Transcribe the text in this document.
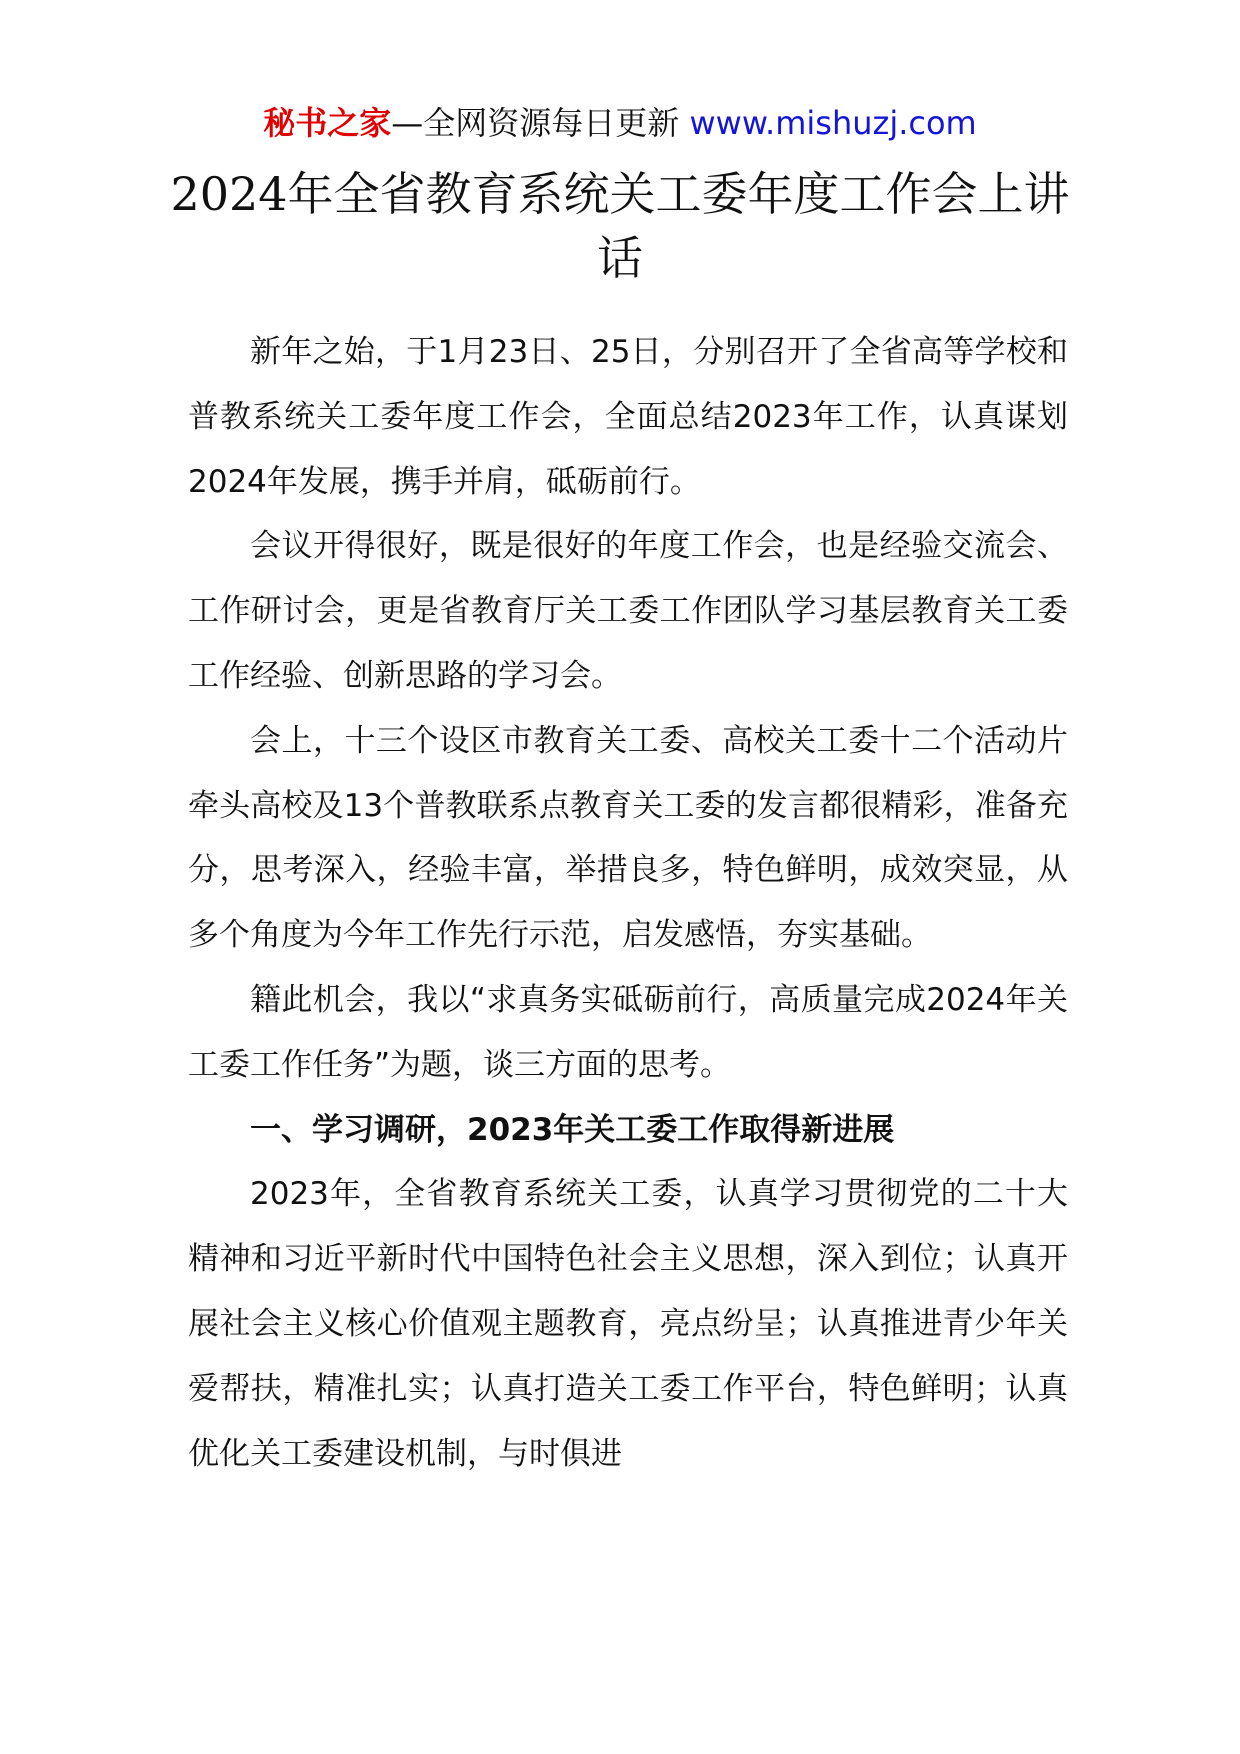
秘书之家—全网资源每日更新 www.mishuzj.com
2024年全省教育系统关工委年度工作会上讲话

新年之始，于1月23日、25日，分别召开了全省高等学校和普教系统关工委年度工作会，全面总结2023年工作，认真谋划2024年发展，携手并肩，砥砺前行。

会议开得很好，既是很好的年度工作会，也是经验交流会、工作研讨会，更是省教育厅关工委工作团队学习基层教育关工委工作经验、创新思路的学习会。

会上，十三个设区市教育关工委、高校关工委十二个活动片牵头高校及13个普教联系点教育关工委的发言都很精彩，准备充分，思考深入，经验丰富，举措良多，特色鲜明，成效突显，从多个角度为今年工作先行示范，启发感悟，夯实基础。

籍此机会，我以“求真务实砥砺前行，高质量完成2024年关工委工作任务”为题，谈三方面的思考。

一、学习调研，2023年关工委工作取得新进展

2023年，全省教育系统关工委，认真学习贯彻党的二十大精神和习近平新时代中国特色社会主义思想，深入到位；认真开展社会主义核心价值观主题教育，亮点纷呈；认真推进青少年关爱帮扶，精准扎实；认真打造关工委工作平台，特色鲜明；认真优化关工委建设机制，与时俱进
